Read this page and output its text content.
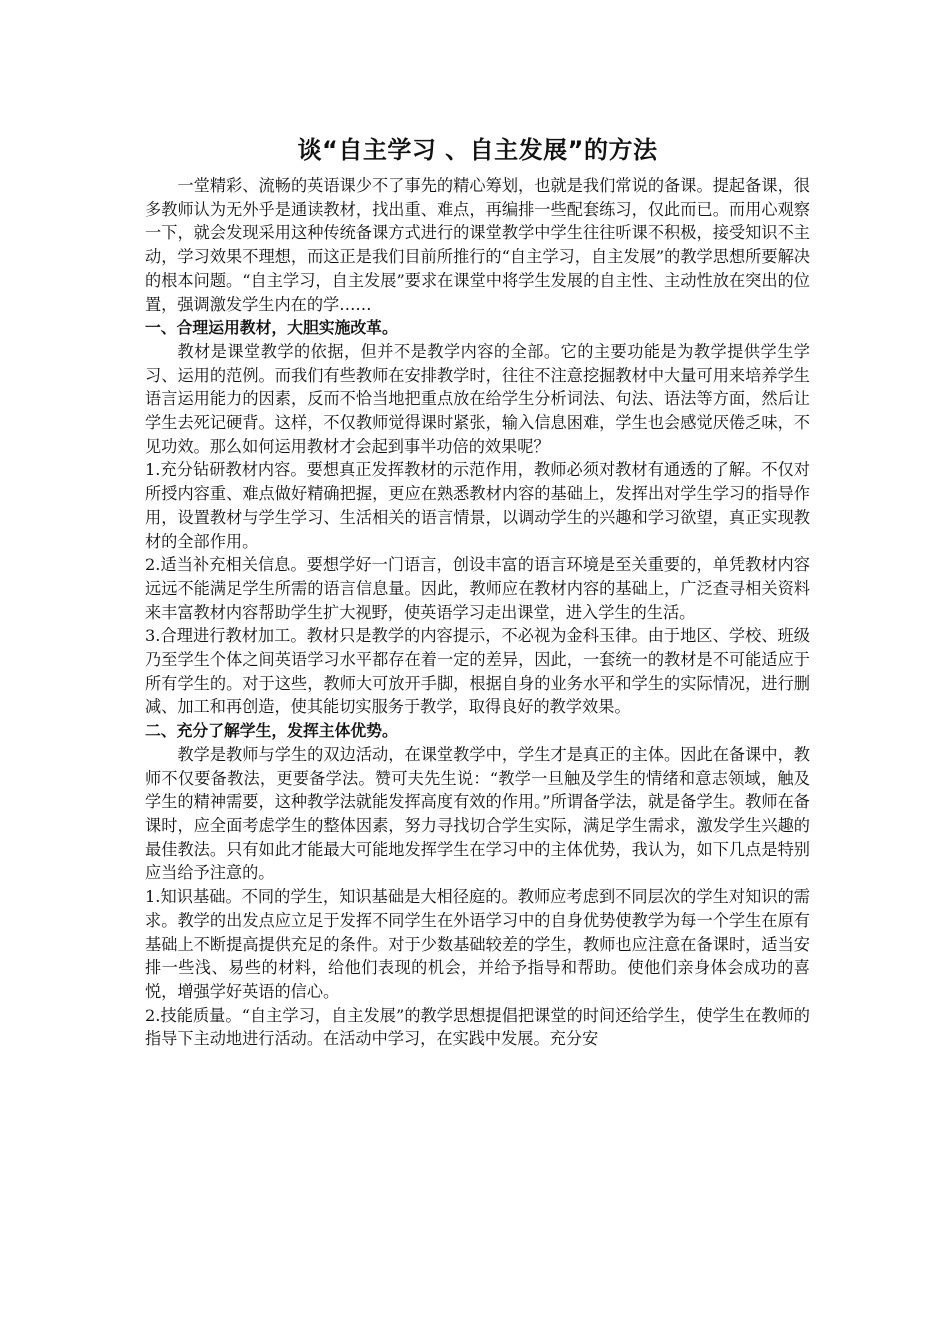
谈“自主学习 、自主发展”的方法

一堂精彩、流畅的英语课少不了事先的精心筹划，也就是我们常说的备课。提起备课，很多教师认为无外乎是通读教材，找出重、难点，再编排一些配套练习，仅此而已。而用心观察一下，就会发现采用这种传统备课方式进行的课堂教学中学生往往听课不积极，接受知识不主动，学习效果不理想，而这正是我们目前所推行的“自主学习，自主发展”的教学思想所要解决的根本问题。“自主学习，自主发展”要求在课堂中将学生发展的自主性、主动性放在突出的位置，强调激发学生内在的学……

一、合理运用教材，大胆实施改革。

教材是课堂教学的依据，但并不是教学内容的全部。它的主要功能是为教学提供学生学习、运用的范例。而我们有些教师在安排教学时，往往不注意挖掘教材中大量可用来培养学生语言运用能力的因素，反而不恰当地把重点放在给学生分析词法、句法、语法等方面，然后让学生去死记硬背。这样，不仅教师觉得课时紧张，输入信息困难，学生也会感觉厌倦乏味，不见功效。那么如何运用教材才会起到事半功倍的效果呢？

1.充分钻研教材内容。要想真正发挥教材的示范作用，教师必须对教材有通透的了解。不仅对所授内容重、难点做好精确把握，更应在熟悉教材内容的基础上，发挥出对学生学习的指导作用，设置教材与学生学习、生活相关的语言情景，以调动学生的兴趣和学习欲望，真正实现教材的全部作用。

2.适当补充相关信息。要想学好一门语言，创设丰富的语言环境是至关重要的，单凭教材内容远远不能满足学生所需的语言信息量。因此，教师应在教材内容的基础上，广泛查寻相关资料来丰富教材内容帮助学生扩大视野，使英语学习走出课堂，进入学生的生活。

3.合理进行教材加工。教材只是教学的内容提示，不必视为金科玉律。由于地区、学校、班级乃至学生个体之间英语学习水平都存在着一定的差异，因此，一套统一的教材是不可能适应于所有学生的。对于这些，教师大可放开手脚，根据自身的业务水平和学生的实际情况，进行删减、加工和再创造，使其能切实服务于教学，取得良好的教学效果。

二、充分了解学生，发挥主体优势。

教学是教师与学生的双边活动，在课堂教学中，学生才是真正的主体。因此在备课中，教师不仅要备教法，更要备学法。赞可夫先生说：“教学一旦触及学生的情绪和意志领域，触及学生的精神需要，这种教学法就能发挥高度有效的作用。”所谓备学法，就是备学生。教师在备课时，应全面考虑学生的整体因素，努力寻找切合学生实际，满足学生需求，激发学生兴趣的最佳教法。只有如此才能最大可能地发挥学生在学习中的主体优势，我认为，如下几点是特别应当给予注意的。

1.知识基础。不同的学生，知识基础是大相径庭的。教师应考虑到不同层次的学生对知识的需求。教学的出发点应立足于发挥不同学生在外语学习中的自身优势使教学为每一个学生在原有基础上不断提高提供充足的条件。对于少数基础较差的学生，教师也应注意在备课时，适当安排一些浅、易些的材料，给他们表现的机会，并给予指导和帮助。使他们亲身体会成功的喜悦，增强学好英语的信心。

2.技能质量。“自主学习，自主发展”的教学思想提倡把课堂的时间还给学生，使学生在教师的指导下主动地进行活动。在活动中学习，在实践中发展。充分安
